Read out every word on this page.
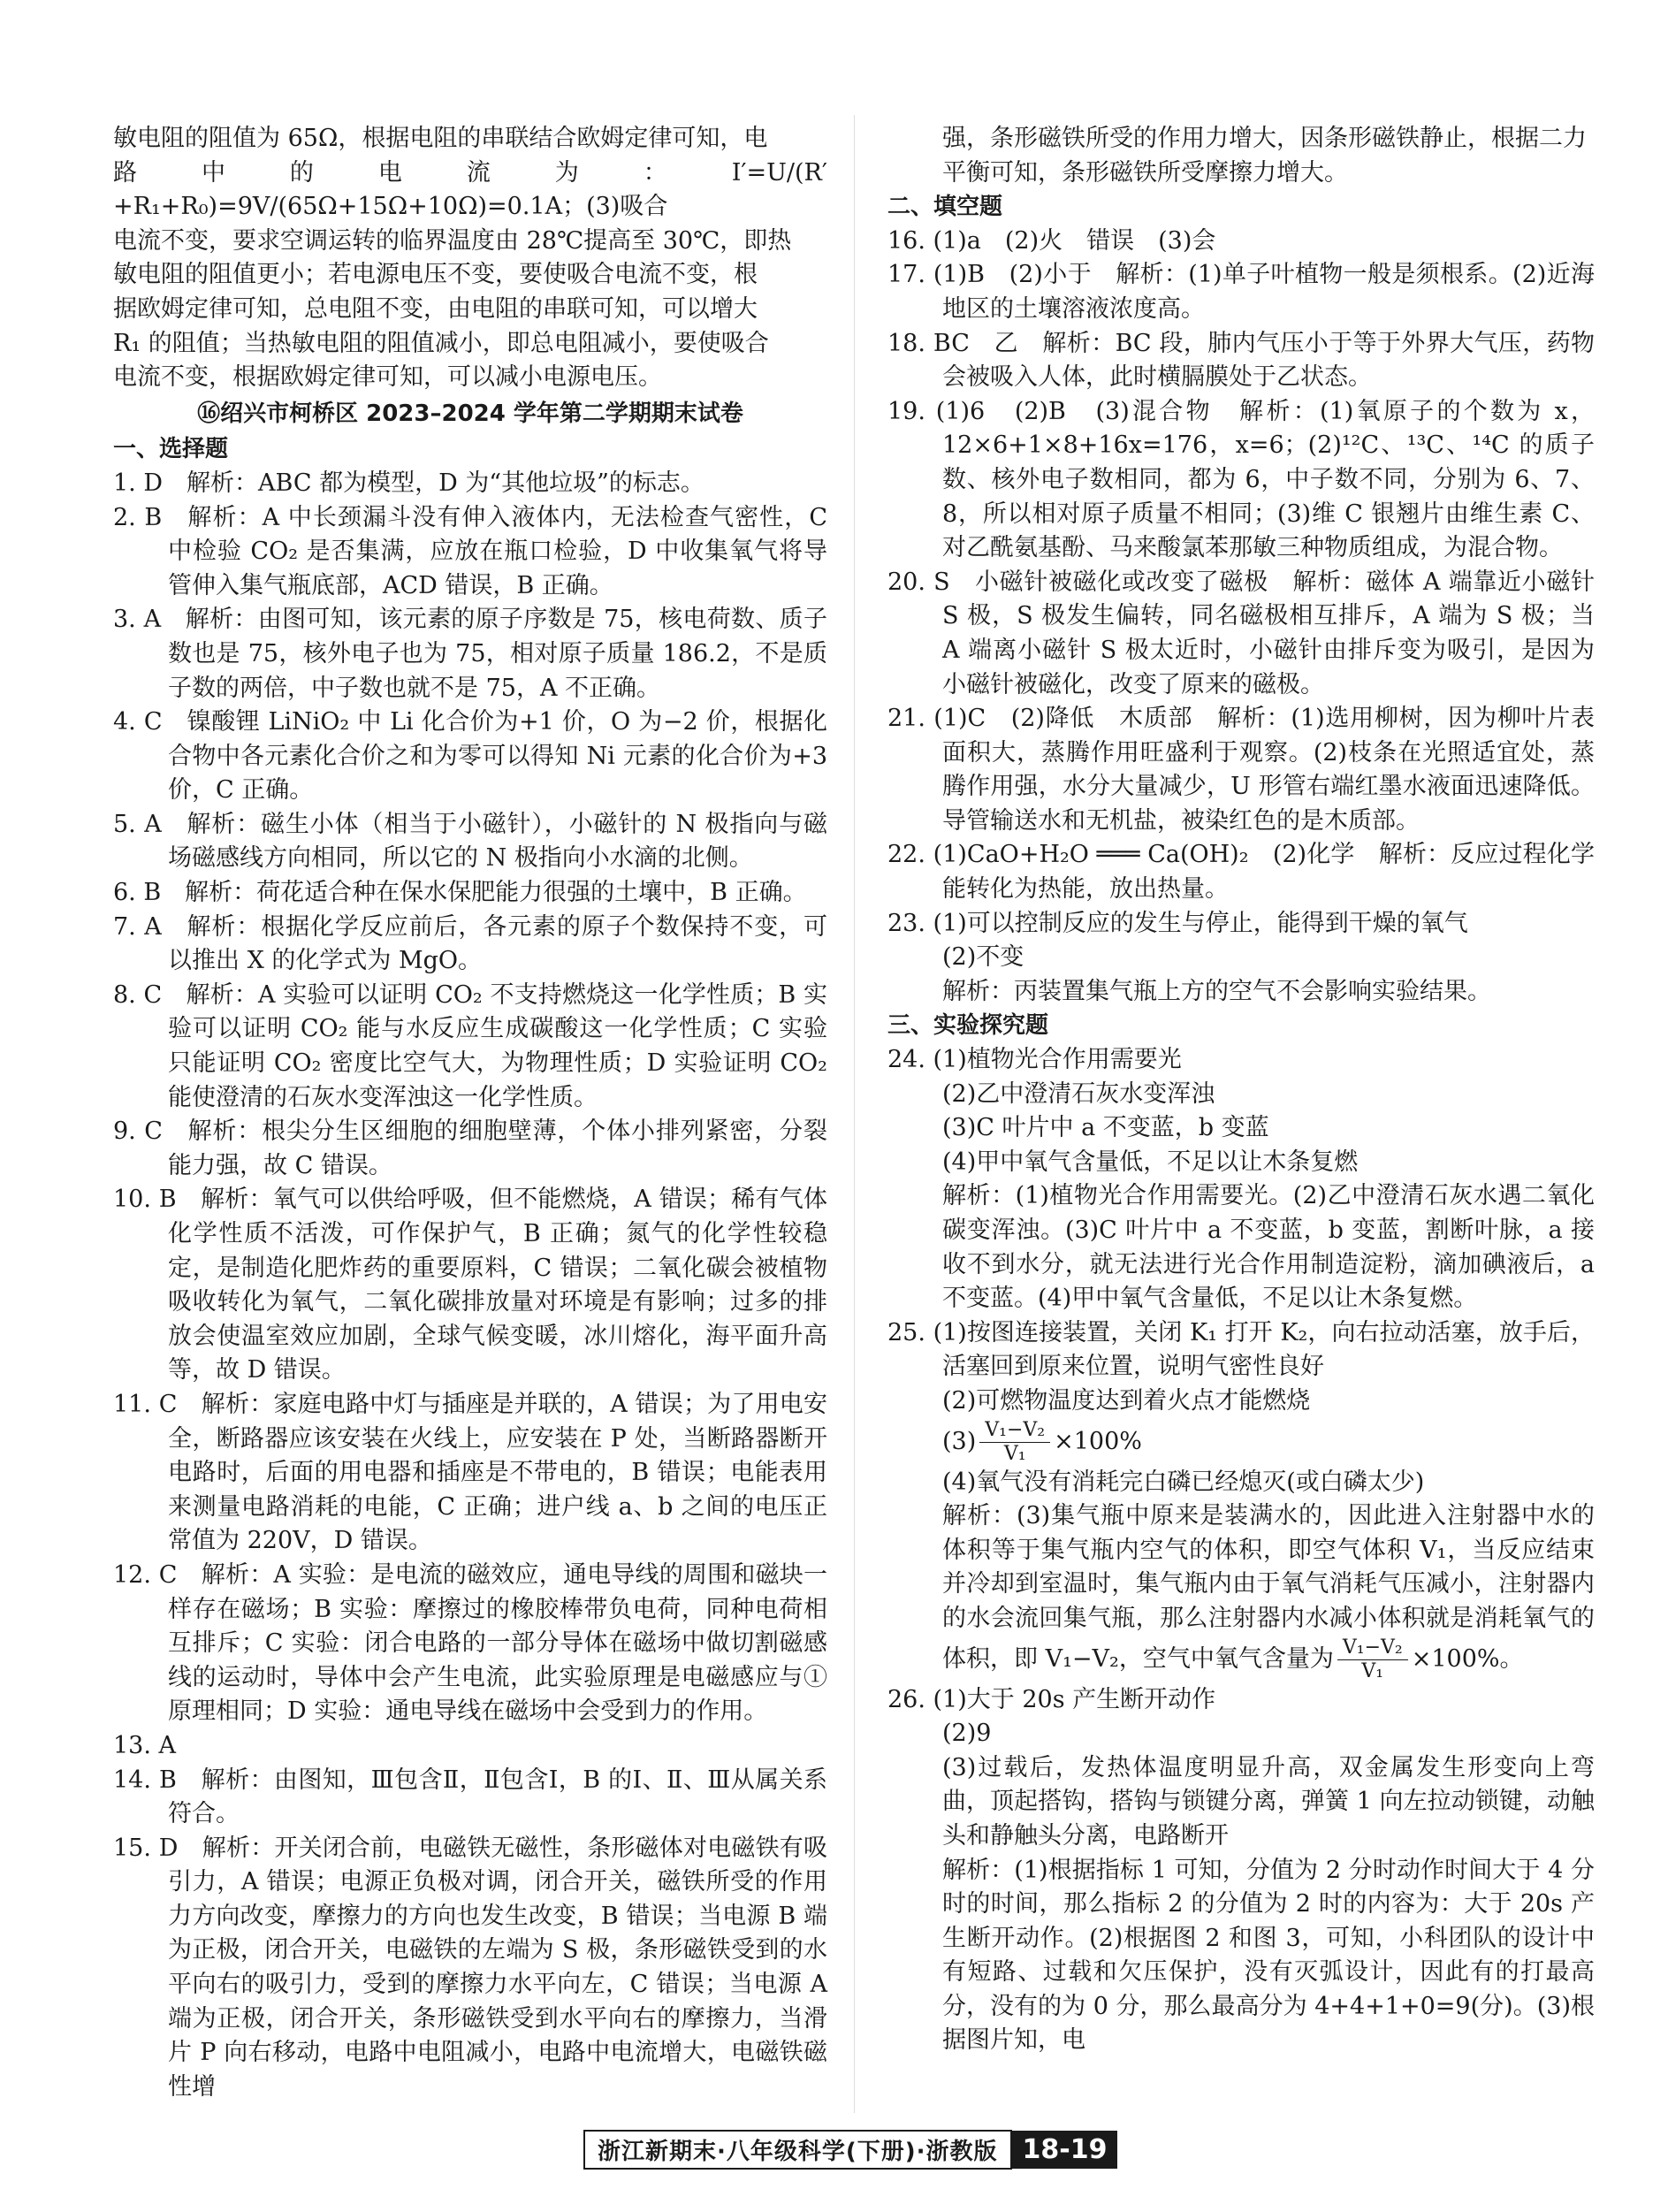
敏电阻的阻值为 65Ω，根据电阻的串联结合欧姆定律可知，电

路中的电流为：I′=U/(R′+R₁+R₀)=9V/(65Ω+15Ω+10Ω)=0.1A；(3)吸合

电流不变，要求空调运转的临界温度由 28℃提高至 30℃，即热

敏电阻的阻值更小；若电源电压不变，要使吸合电流不变，根

据欧姆定律可知，总电阻不变，由电阻的串联可知，可以增大

R₁ 的阻值；当热敏电阻的阻值减小，即总电阻减小，要使吸合

电流不变，根据欧姆定律可知，可以减小电源电压。

⑯绍兴市柯桥区 2023–2024 学年第二学期期末试卷

一、选择题

1. D　解析：ABC 都为模型，D 为“其他垃圾”的标志。

2. B　解析：A 中长颈漏斗没有伸入液体内，无法检查气密性，C 中检验 CO₂ 是否集满，应放在瓶口检验，D 中收集氧气将导管伸入集气瓶底部，ACD 错误，B 正确。

3. A　解析：由图可知，该元素的原子序数是 75，核电荷数、质子数也是 75，核外电子也为 75，相对原子质量 186.2，不是质子数的两倍，中子数也就不是 75，A 不正确。

4. C　镍酸锂 LiNiO₂ 中 Li 化合价为+1 价，O 为−2 价，根据化合物中各元素化合价之和为零可以得知 Ni 元素的化合价为+3 价，C 正确。

5. A　解析：磁生小体（相当于小磁针），小磁针的 N 极指向与磁场磁感线方向相同，所以它的 N 极指向小水滴的北侧。

6. B　解析：荷花适合种在保水保肥能力很强的土壤中，B 正确。

7. A　解析：根据化学反应前后，各元素的原子个数保持不变，可以推出 X 的化学式为 MgO。

8. C　解析：A 实验可以证明 CO₂ 不支持燃烧这一化学性质；B 实验可以证明 CO₂ 能与水反应生成碳酸这一化学性质；C 实验只能证明 CO₂ 密度比空气大，为物理性质；D 实验证明 CO₂ 能使澄清的石灰水变浑浊这一化学性质。

9. C　解析：根尖分生区细胞的细胞壁薄，个体小排列紧密，分裂能力强，故 C 错误。

10. B　解析：氧气可以供给呼吸，但不能燃烧，A 错误；稀有气体化学性质不活泼，可作保护气，B 正确；氮气的化学性较稳定，是制造化肥炸药的重要原料，C 错误；二氧化碳会被植物吸收转化为氧气，二氧化碳排放量对环境是有影响；过多的排放会使温室效应加剧，全球气候变暖，冰川熔化，海平面升高等，故 D 错误。

11. C　解析：家庭电路中灯与插座是并联的，A 错误；为了用电安全，断路器应该安装在火线上，应安装在 P 处，当断路器断开电路时，后面的用电器和插座是不带电的，B 错误；电能表用来测量电路消耗的电能，C 正确；进户线 a、b 之间的电压正常值为 220V，D 错误。

12. C　解析：A 实验：是电流的磁效应，通电导线的周围和磁块一样存在磁场；B 实验：摩擦过的橡胶棒带负电荷，同种电荷相互排斥；C 实验：闭合电路的一部分导体在磁场中做切割磁感线的运动时，导体中会产生电流，此实验原理是电磁感应与①原理相同；D 实验：通电导线在磁场中会受到力的作用。

13. A

14. B　解析：由图知，Ⅲ包含Ⅱ，Ⅱ包含Ⅰ，B 的Ⅰ、Ⅱ、Ⅲ从属关系符合。

15. D　解析：开关闭合前，电磁铁无磁性，条形磁体对电磁铁有吸引力，A 错误；电源正负极对调，闭合开关，磁铁所受的作用力方向改变，摩擦力的方向也发生改变，B 错误；当电源 B 端为正极，闭合开关，电磁铁的左端为 S 极，条形磁铁受到的水平向右的吸引力，受到的摩擦力水平向左，C 错误；当电源 A 端为正极，闭合开关，条形磁铁受到水平向右的摩擦力，当滑片 P 向右移动，电路中电阻减小，电路中电流增大，电磁铁磁性增

强，条形磁铁所受的作用力增大，因条形磁铁静止，根据二力

平衡可知，条形磁铁所受摩擦力增大。

二、填空题

16. (1)a　(2)火　错误　(3)会

17. (1)B　(2)小于　解析：(1)单子叶植物一般是须根系。(2)近海地区的土壤溶液浓度高。

18. BC　乙　解析：BC 段，肺内气压小于等于外界大气压，药物会被吸入人体，此时横膈膜处于乙状态。

19. (1)6　(2)B　(3)混合物　解析：(1)氧原子的个数为 x，12×6+1×8+16x=176，x=6；(2)¹²C、¹³C、¹⁴C 的质子数、核外电子数相同，都为 6，中子数不同，分别为 6、7、8，所以相对原子质量不相同；(3)维 C 银翘片由维生素 C、对乙酰氨基酚、马来酸氯苯那敏三种物质组成，为混合物。

20. S　小磁针被磁化或改变了磁极　解析：磁体 A 端靠近小磁针 S 极，S 极发生偏转，同名磁极相互排斥，A 端为 S 极；当 A 端离小磁针 S 极太近时，小磁针由排斥变为吸引，是因为小磁针被磁化，改变了原来的磁极。

21. (1)C　(2)降低　木质部　解析：(1)选用柳树，因为柳叶片表面积大，蒸腾作用旺盛利于观察。(2)枝条在光照适宜处，蒸腾作用强，水分大量减少，U 形管右端红墨水液面迅速降低。导管输送水和无机盐，被染红色的是木质部。

22. (1)CaO+H₂O ═══ Ca(OH)₂　(2)化学　解析：反应过程化学能转化为热能，放出热量。

23. (1)可以控制反应的发生与停止，能得到干燥的氧气

(2)不变

解析：丙装置集气瓶上方的空气不会影响实验结果。

三、实验探究题

24. (1)植物光合作用需要光

(2)乙中澄清石灰水变浑浊

(3)C 叶片中 a 不变蓝，b 变蓝

(4)甲中氧气含量低，不足以让木条复燃

解析：(1)植物光合作用需要光。(2)乙中澄清石灰水遇二氧化碳变浑浊。(3)C 叶片中 a 不变蓝，b 变蓝，割断叶脉，a 接收不到水分，就无法进行光合作用制造淀粉，滴加碘液后，a 不变蓝。(4)甲中氧气含量低，不足以让木条复燃。

25. (1)按图连接装置，关闭 K₁ 打开 K₂，向右拉动活塞，放手后，活塞回到原来位置，说明气密性良好

(2)可燃物温度达到着火点才能燃烧

$(3) \frac{\text{V₁−V₂}}{\text{V₁}} \times 100\%$

(4)氧气没有消耗完白磷已经熄灭(或白磷太少)

解析：(3)集气瓶中原来是装满水的，因此进入注射器中水的体积等于集气瓶内空气的体积，即空气体积 V₁，当反应结束并冷却到室温时，集气瓶内由于氧气消耗气压减小，注射器内的水会流回集气瓶，那么注射器内水减小体积就是消耗氧气的体积，即 V₁−V₂，空气中氧气含量为 $\frac{\text{V₁−V₂}}{\text{V₁}} \times 100\%$。

26. (1)大于 20s 产生断开动作

(2)9

(3)过载后，发热体温度明显升高，双金属发生形变向上弯曲，顶起搭钩，搭钩与锁键分离，弹簧 1 向左拉动锁键，动触头和静触头分离，电路断开

解析：(1)根据指标 1 可知，分值为 2 分时动作时间大于 4 分时的时间，那么指标 2 的分值为 2 时的内容为：大于 20s 产生断开动作。(2)根据图 2 和图 3，可知，小科团队的设计中有短路、过载和欠压保护，没有灭弧设计，因此有的打最高分，没有的为 0 分，那么最高分为 4+4+1+0=9(分)。(3)根据图片知，电

浙江新期末·八年级科学(下册)·浙教版 18-19
